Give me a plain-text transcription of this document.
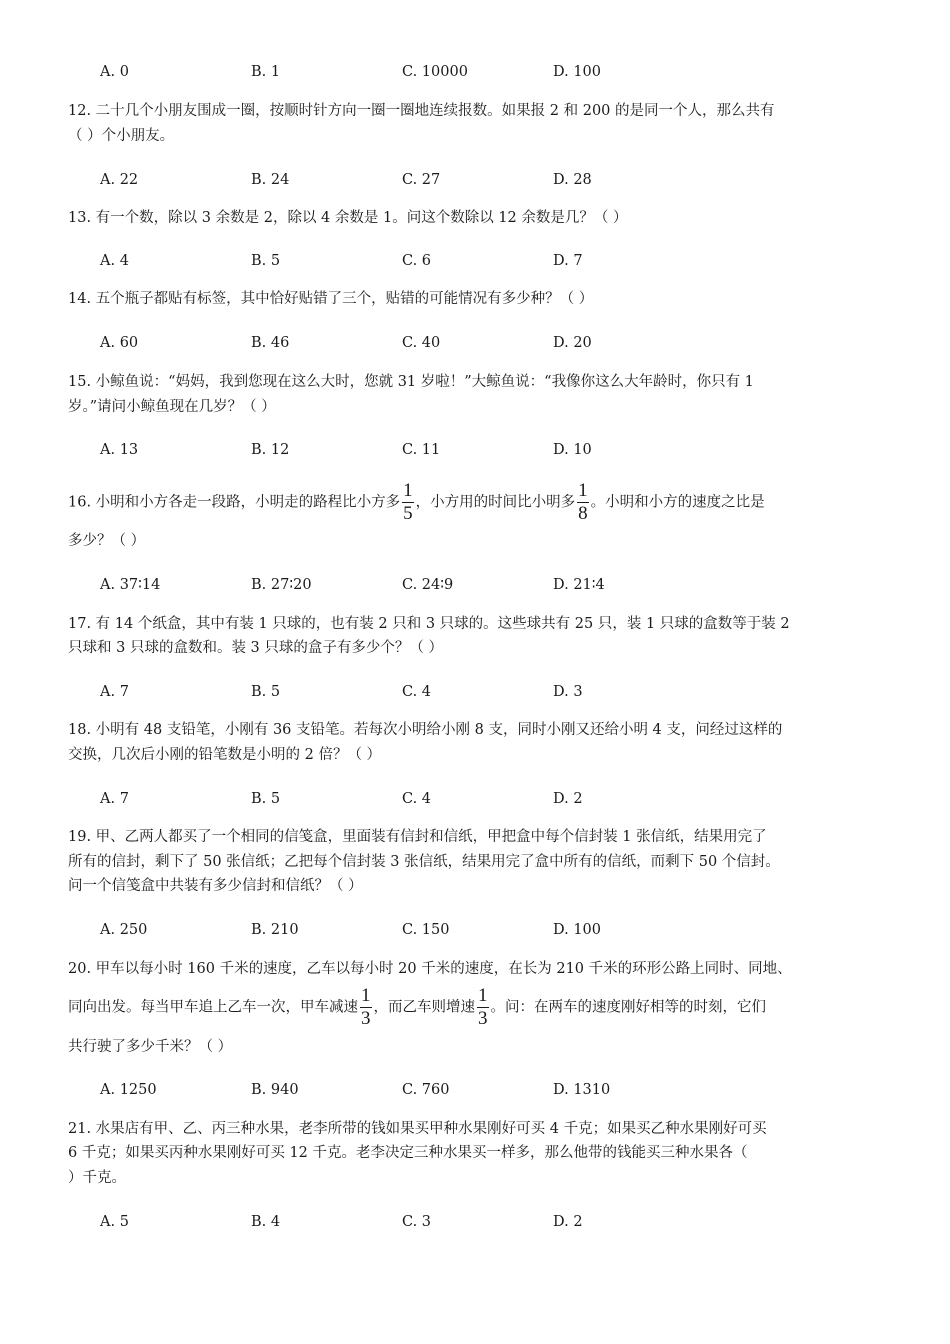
A. 0	B. 1	C. 10000	D. 100
12. 二十几个小朋友围成一圈，按顺时针方向一圈一圈地连续报数。如果报 2 和 200 的是同一个人，那么共有
（ ）个小朋友。
A. 22	B. 24	C. 27	D. 28
13. 有一个数，除以 3 余数是 2，除以 4 余数是 1。问这个数除以 12 余数是几？（ ）
A. 4	B. 5	C. 6	D. 7
14. 五个瓶子都贴有标签，其中恰好贴错了三个，贴错的可能情况有多少种？（ ）
A. 60	B. 46	C. 40	D. 20
15. 小鲸鱼说：“妈妈，我到您现在这么大时，您就 31 岁啦！”大鲸鱼说：“我像你这么大年龄时，你只有 1
岁。”请问小鲸鱼现在几岁？（ ）
A. 13	B. 12	C. 11	D. 10
16. 小明和小方各走一段路，小明走的路程比小方多 $\frac{1}{5}$ ，小方用的时间比小明多 $\frac{1}{8}$ 。小明和小方的速度之比是
多少？（ ）
A. 37∶14	B. 27∶20	C. 24∶9	D. 21∶4
17. 有 14 个纸盒，其中有装 1 只球的，也有装 2 只和 3 只球的。这些球共有 25 只，装 1 只球的盒数等于装 2
只球和 3 只球的盒数和。装 3 只球的盒子有多少个？（ ）
A. 7	B. 5	C. 4	D. 3
18. 小明有 48 支铅笔，小刚有 36 支铅笔。若每次小明给小刚 8 支，同时小刚又还给小明 4 支，问经过这样的
交换，几次后小刚的铅笔数是小明的 2 倍？（ ）
A. 7	B. 5	C. 4	D. 2
19. 甲、乙两人都买了一个相同的信笺盒，里面装有信封和信纸，甲把盒中每个信封装 1 张信纸，结果用完了
所有的信封，剩下了 50 张信纸；乙把每个信封装 3 张信纸，结果用完了盒中所有的信纸，而剩下 50 个信封。
问一个信笺盒中共装有多少信封和信纸？（ ）
A. 250	B. 210	C. 150	D. 100
20. 甲车以每小时 160 千米的速度，乙车以每小时 20 千米的速度，在长为 210 千米的环形公路上同时、同地、
同向出发。每当甲车追上乙车一次，甲车减速 $\frac{1}{3}$ ，而乙车则增速 $\frac{1}{3}$ 。问：在两车的速度刚好相等的时刻，它们
共行驶了多少千米？（ ）
A. 1250	B. 940	C. 760	D. 1310
21. 水果店有甲、乙、丙三种水果，老李所带的钱如果买甲种水果刚好可买 4 千克；如果买乙种水果刚好可买
6 千克；如果买丙种水果刚好可买 12 千克。老李决定三种水果买一样多，那么他带的钱能买三种水果各（
）千克。
A. 5	B. 4	C. 3	D. 2
